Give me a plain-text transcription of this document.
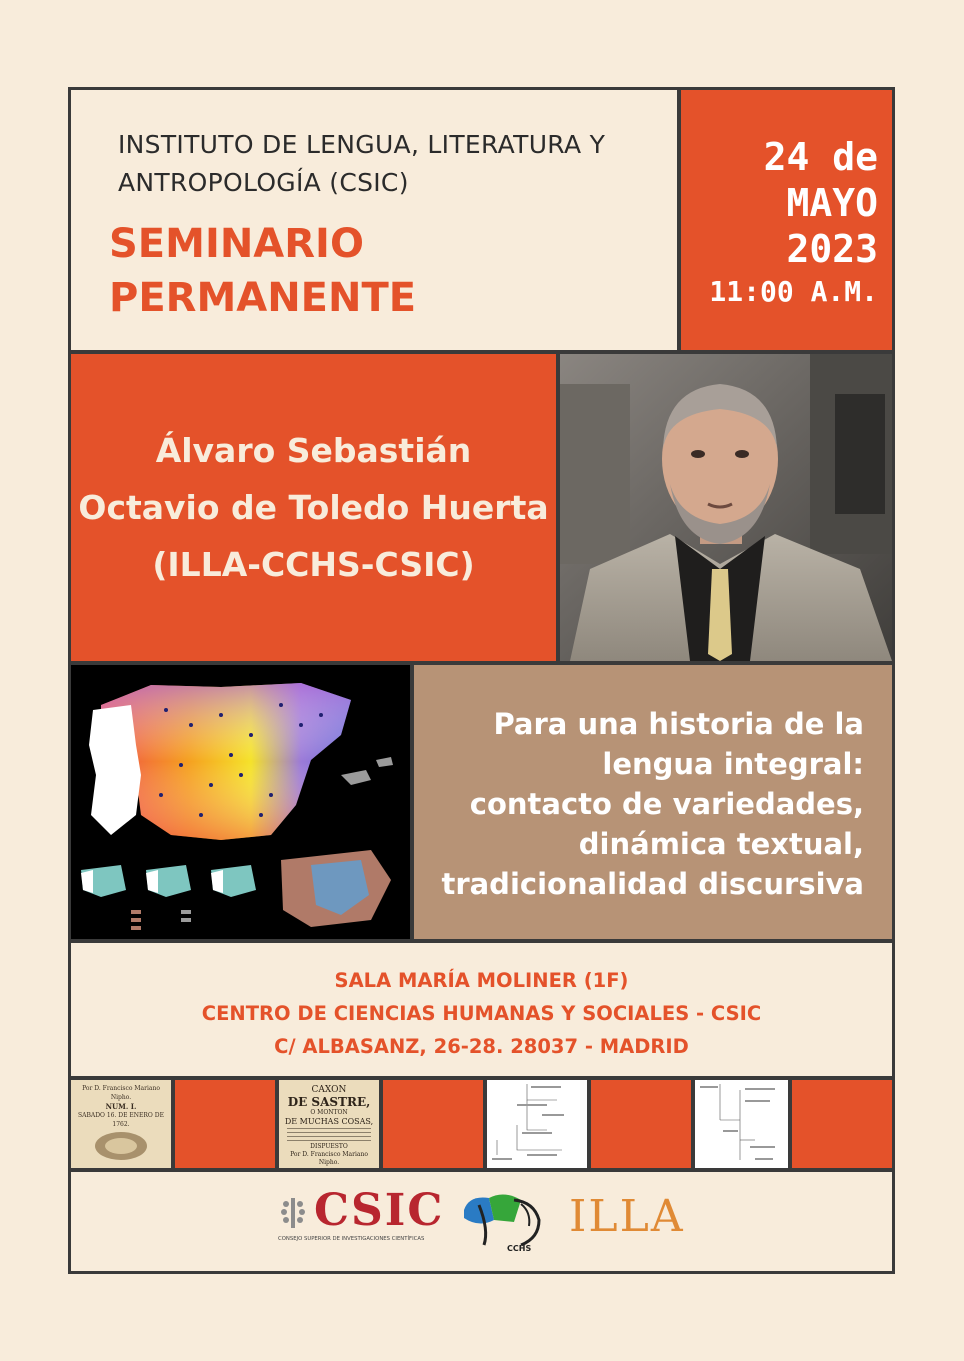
INSTITUTO DE LENGUA, LITERATURA Y
ANTROPOLOGÍA (CSIC)
SEMINARIO
PERMANENTE
24 de
MAYO
2023
11:00 A.M.
Álvaro Sebastián
Octavio de Toledo Huerta
(ILLA-CCHS-CSIC)
Para una historia de la
lengua integral:
contacto de variedades,
dinámica textual,
tradicionalidad discursiva
SALA MARÍA MOLINER (1F)
CENTRO DE CIENCIAS HUMANAS Y SOCIALES - CSIC
C/ ALBASANZ, 26-28. 28037 - MADRID
Por D. Francisco Mariano Nipho.
NUM. I.
SABADO 16. DE ENERO DE 1762.
CAXON
DE SASTRE,
O MONTON
DE MUCHAS COSAS,
DISPUESTO
Por D. Francisco Mariano Nipho.
CSIC
CONSEJO SUPERIOR DE INVESTIGACIONES CIENTÍFICAS
CCHS
ILLA
